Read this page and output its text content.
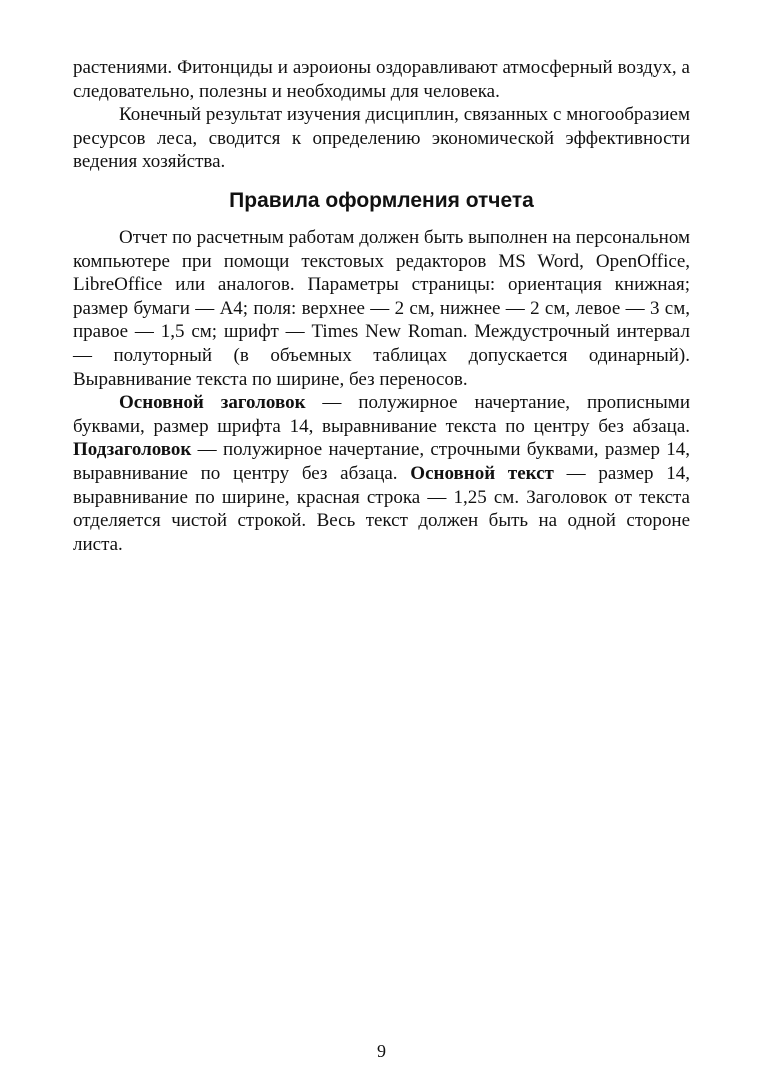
растениями. Фитонциды и аэроионы оздоравливают атмосферный воздух, а следовательно, полезны и необходимы для человека.

Конечный результат изучения дисциплин, связанных с многообразием ресурсов леса, сводится к определению экономической эффективности ведения хозяйства.

Правила оформления отчета

Отчет по расчетным работам должен быть выполнен на персональном компьютере при помощи текстовых редакторов MS Word, OpenOffice, LibreOffice или аналогов. Параметры страницы: ориентация книжная; размер бумаги — А4; поля: верхнее — 2 см, нижнее — 2 см, левое — 3 см, правое — 1,5 см; шрифт — Times New Roman. Междустрочный интервал — полуторный (в объемных таблицах допускается одинарный). Выравнивание текста по ширине, без переносов.

Основной заголовок — полужирное начертание, прописными буквами, размер шрифта 14, выравнивание текста по центру без абзаца. Подзаголовок — полужирное начертание, строчными буквами, размер 14, выравнивание по центру без абзаца. Основной текст — размер 14, выравнивание по ширине, красная строка — 1,25 см. Заголовок от текста отделяется чистой строкой. Весь текст должен быть на одной стороне листа.

9
